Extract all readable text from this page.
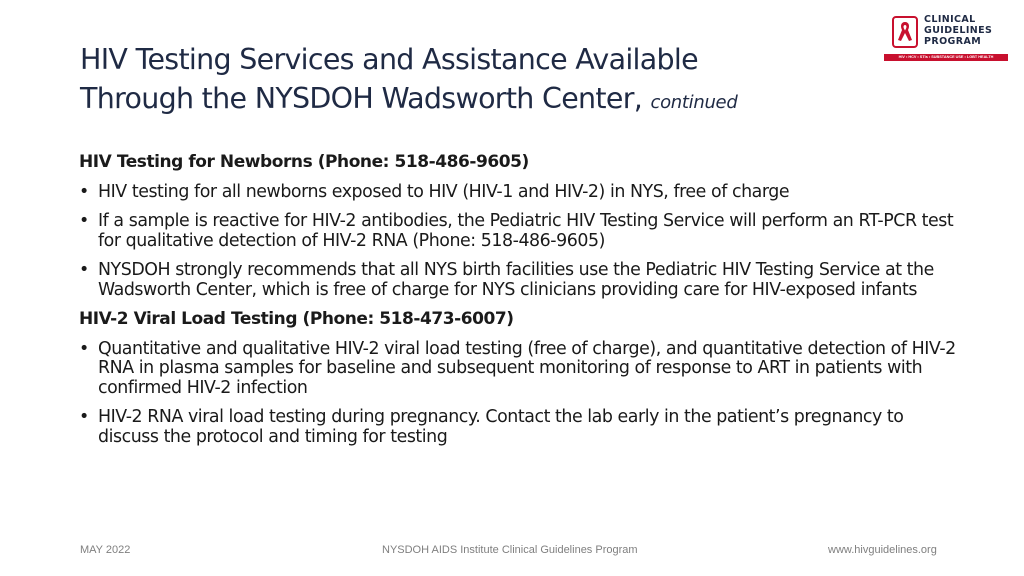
HIV Testing Services and Assistance Available
Through the NYSDOH Wadsworth Center, continued
CLINICAL
GUIDELINES
PROGRAM
HIV • HCV • STIs • SUBSTANCE USE • LGBT HEALTH
HIV Testing for Newborns (Phone: 518-486-9605)
• HIV testing for all newborns exposed to HIV (HIV-1 and HIV-2) in NYS, free of charge
• If a sample is reactive for HIV-2 antibodies, the Pediatric HIV Testing Service will perform an RT-PCR test for qualitative detection of HIV-2 RNA (Phone: 518-486-9605)
• NYSDOH strongly recommends that all NYS birth facilities use the Pediatric HIV Testing Service at the Wadsworth Center, which is free of charge for NYS clinicians providing care for HIV-exposed infants
HIV-2 Viral Load Testing (Phone: 518-473-6007)
• Quantitative and qualitative HIV-2 viral load testing (free of charge), and quantitative detection of HIV-2 RNA in plasma samples for baseline and subsequent monitoring of response to ART in patients with confirmed HIV-2 infection
• HIV-2 RNA viral load testing during pregnancy. Contact the lab early in the patient’s pregnancy to discuss the protocol and timing for testing
MAY 2022	NYSDOH AIDS Institute Clinical Guidelines Program	www.hivguidelines.org
